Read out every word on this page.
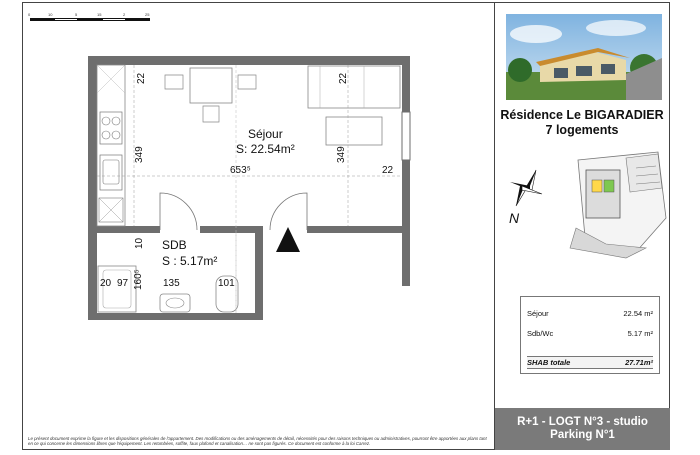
0	10	5	15	2	25
Séjour
S: 22.54m²
SDB
S : 5.17m²
22	22
349	349
653⁵	22
10
160⁵
20 97	135	101
Résidence Le BIGARADIER
7 logements
N
Séjour	22.54 m²
Sdb/Wc	5.17 m²
SHAB totale	27.71m²
R+1 - LOGT N°3 - studio
Parking N°1
Le présent document exprime la figure et les dispositions générales de l'appartement. Des modifications ou des aménagements de détail, nécessités pour des raisons techniques ou administratives, pourront être apportées aux plans tant en ce qui concerne les dimensions libres que l'équipement. Les retombées, soffite, faux plafond et canalisation… ne sont pas figurés. Ce document est conforme à la loi Carrez.
